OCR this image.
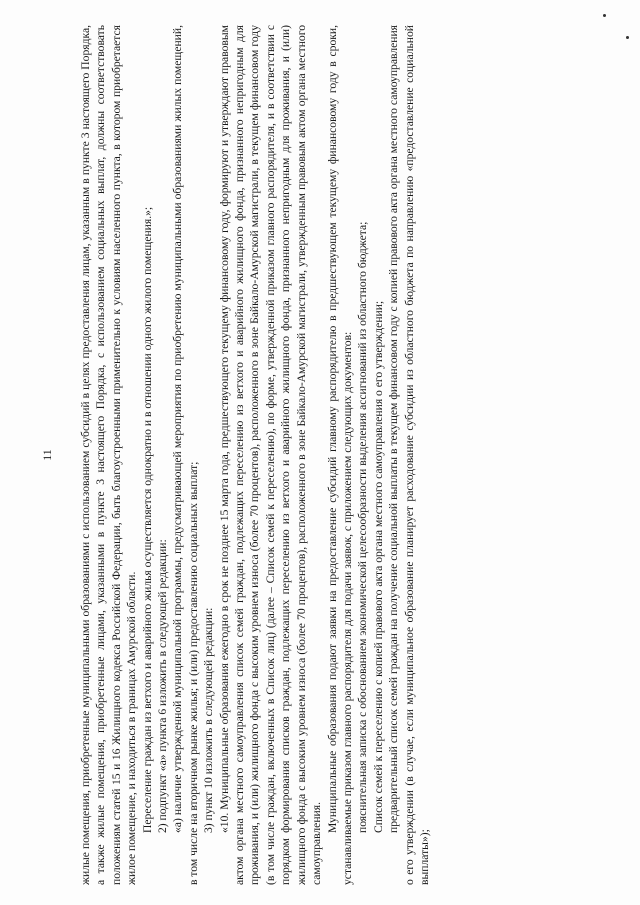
11 жилые помещения, приобретенные муниципальными образованиями с использованием субсидий в целях предоставления лицам, указанным в пункте 3 настоящего Порядка, а также жилые помещения, приобретенные лицами, указанными в пункте 3 настоящего Порядка, с использованием социальных выплат, должны соответствовать положениям статей 15 и 16 Жилищного кодекса Российской Федерации, быть благоустроенными применительно к условиям населенного пункта, в котором приобретается жилое помещение, и находиться в границах Амурской области. Переселение граждан из ветхого и аварийного жилья осуществляется однократно и в отношении одного жилого помещения.»; 2) подпункт «а» пункта 6 изложить в следующей редакции: «а) наличие утвержденной муниципальной программы, предусматривающей мероприятия по приобретению муниципальными образованиями жилых помещений, в том числе на вторичном рынке жилья; и (или) предоставлению социальных выплат; 3) пункт 10 изложить в следующей редакции: «10. Муниципальные образования ежегодно в срок не позднее 15 марта года, предшествующего текущему финансовому году, формируют и утверждают правовым актом органа местного самоуправления список семей граждан, подлежащих переселению из ветхого и аварийного жилищного фонда, признанного непригодным для проживания, и (или) жилищного фонда с высоким уровнем износа (более 70 процентов), расположенного в зоне Байкало-Амурской магистрали, в текущем финансовом году (в том числе граждан, включенных в Список лиц) (далее – Список семей к переселению), по форме, утвержденной приказом главного распорядителя, и в соответствии с порядком формирования списков граждан, подлежащих переселению из ветхого и аварийного жилищного фонда, признанного непригодным для проживания, и (или) жилищного фонда с высоким уровнем износа (более 70 процентов), расположенного в зоне Байкало-Амурской магистрали, утвержденным правовым актом органа местного самоуправления.

Муниципальные образования подают заявки на предоставление субсидий главному распорядителю в предшествующем текущему финансовому году в сроки, устанавливаемые приказом главного распорядителя для подачи заявок, с приложением следующих документов: пояснительная записка с обоснованием экономической целесообразности выделения ассигнований из областного бюджета; Список семей к переселению с копией правового акта органа местного самоуправления о его утверждении; предварительный список семей граждан на получение социальной выплаты в текущем финансовом году с копией правового акта органа местного самоуправления о его утверждении (в случае, если муниципальное образование планирует расходование субсидии из областного бюджета по направлению «предоставление социальной выплаты»);
